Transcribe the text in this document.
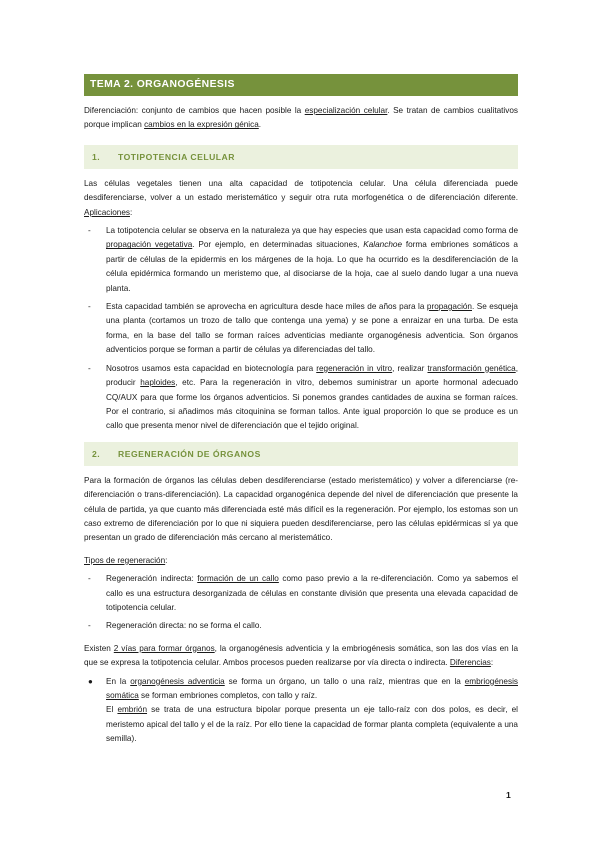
TEMA 2. ORGANOGÉNESIS

Diferenciación: conjunto de cambios que hacen posible la especialización celular. Se tratan de cambios cualitativos porque implican cambios en la expresión génica.

1. TOTIPOTENCIA CELULAR

Las células vegetales tienen una alta capacidad de totipotencia celular. Una célula diferenciada puede desdiferenciarse, volver a un estado meristemático y seguir otra ruta morfogenética o de diferenciación diferente. Aplicaciones:

- La totipotencia celular se observa en la naturaleza ya que hay especies que usan esta capacidad como forma de propagación vegetativa. Por ejemplo, en determinadas situaciones, Kalanchoe forma embriones somáticos a partir de células de la epidermis en los márgenes de la hoja. Lo que ha ocurrido es la desdiferenciación de la célula epidérmica formando un meristemo que, al disociarse de la hoja, cae al suelo dando lugar a una nueva planta.
- Esta capacidad también se aprovecha en agricultura desde hace miles de años para la propagación. Se esqueja una planta (cortamos un trozo de tallo que contenga una yema) y se pone a enraizar en una turba. De esta forma, en la base del tallo se forman raíces adventicias mediante organogénesis adventicia. Son órganos adventicios porque se forman a partir de células ya diferenciadas del tallo.
- Nosotros usamos esta capacidad en biotecnología para regeneración in vitro, realizar transformación genética, producir haploides, etc. Para la regeneración in vitro, debemos suministrar un aporte hormonal adecuado CQ/AUX para que forme los órganos adventicios. Si ponemos grandes cantidades de auxina se forman raíces. Por el contrario, si añadimos más citoquinina se forman tallos. Ante igual proporción lo que se produce es un callo que presenta menor nivel de diferenciación que el tejido original.
2. REGENERACIÓN DE ÓRGANOS

Para la formación de órganos las células deben desdiferenciarse (estado meristemático) y volver a diferenciarse (re-diferenciación o trans-diferenciación). La capacidad organogénica depende del nivel de diferenciación que presente la célula de partida, ya que cuanto más diferenciada esté más difícil es la regeneración. Por ejemplo, los estomas son un caso extremo de diferenciación por lo que ni siquiera pueden desdiferenciarse, pero las células epidérmicas sí ya que presentan un grado de diferenciación más cercano al meristemático.

Tipos de regeneración:

- Regeneración indirecta: formación de un callo como paso previo a la re-diferenciación. Como ya sabemos el callo es una estructura desorganizada de células en constante división que presenta una elevada capacidad de totipotencia celular.
- Regeneración directa: no se forma el callo.

Existen 2 vías para formar órganos, la organogénesis adventicia y la embriogénesis somática, son las dos vías en la que se expresa la totipotencia celular. Ambos procesos pueden realizarse por vía directa o indirecta. Diferencias:

● En la organogénesis adventicia se forma un órgano, un tallo o una raíz, mientras que en la embriogénesis somática se forman embriones completos, con tallo y raíz.
El embrión se trata de una estructura bipolar porque presenta un eje tallo-raíz con dos polos, es decir, el meristemo apical del tallo y el de la raíz. Por ello tiene la capacidad de formar planta completa (equivalente a una semilla).
1
